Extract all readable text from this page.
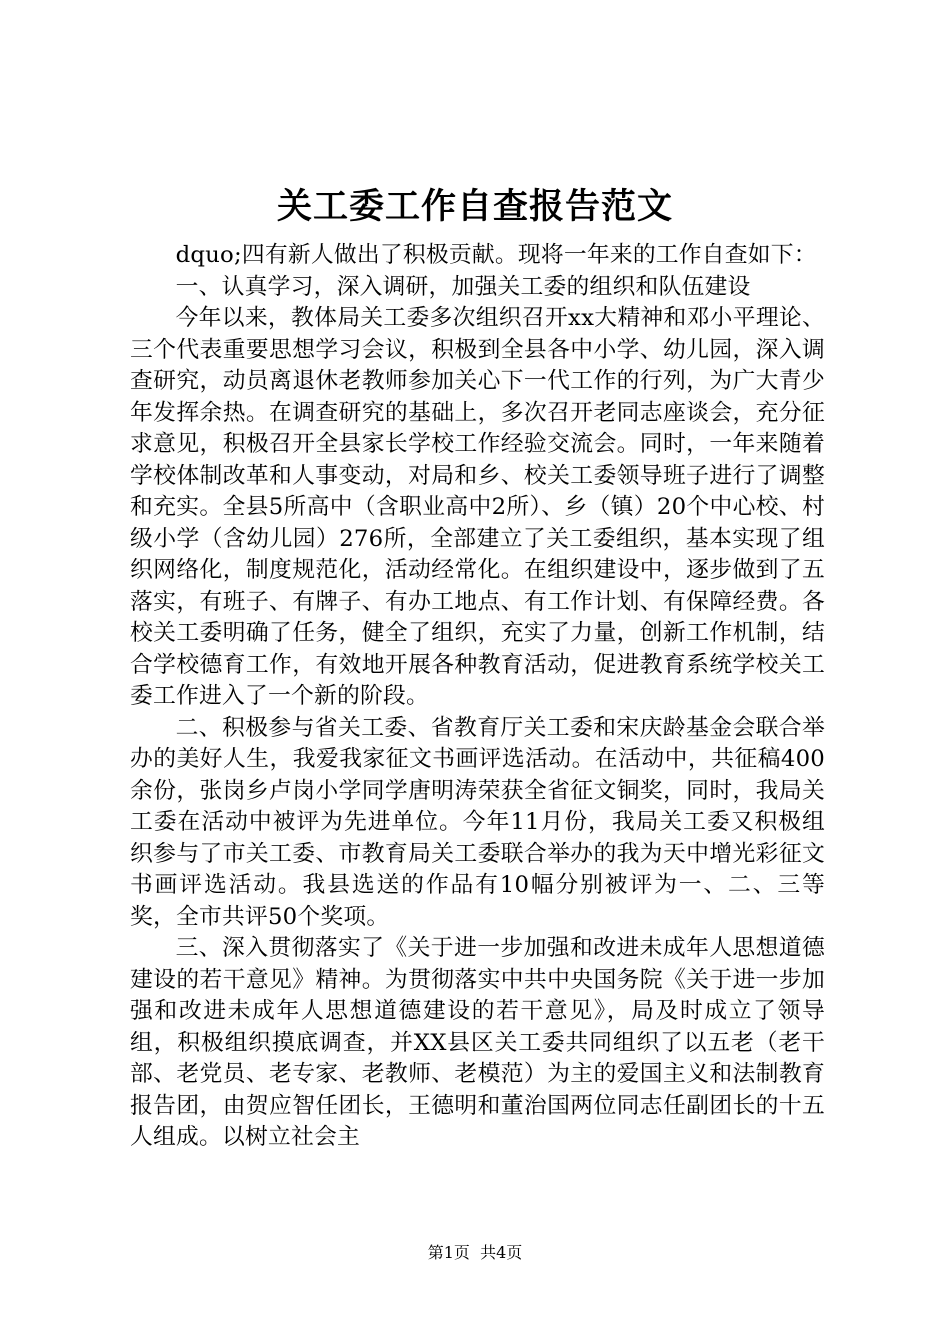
关工委工作自查报告范文

dquo;四有新人做出了积极贡献。现将一年来的工作自查如下：

一、认真学习，深入调研，加强关工委的组织和队伍建设

今年以来，教体局关工委多次组织召开xx大精神和邓小平理论、三个代表重要思想学习会议，积极到全县各中小学、幼儿园，深入调查研究，动员离退休老教师参加关心下一代工作的行列，为广大青少年发挥余热。在调查研究的基础上，多次召开老同志座谈会，充分征求意见，积极召开全县家长学校工作经验交流会。同时，一年来随着学校体制改革和人事变动，对局和乡、校关工委领导班子进行了调整和充实。全县5所高中（含职业高中2所）、乡（镇）20个中心校、村级小学（含幼儿园）276所，全部建立了关工委组织，基本实现了组织网络化，制度规范化，活动经常化。在组织建设中，逐步做到了五落实，有班子、有牌子、有办工地点、有工作计划、有保障经费。各校关工委明确了任务，健全了组织，充实了力量，创新工作机制，结合学校德育工作，有效地开展各种教育活动，促进教育系统学校关工委工作进入了一个新的阶段。

二、积极参与省关工委、省教育厅关工委和宋庆龄基金会联合举办的美好人生，我爱我家征文书画评选活动。在活动中，共征稿400余份，张岗乡卢岗小学同学唐明涛荣获全省征文铜奖，同时，我局关工委在活动中被评为先进单位。今年11月份，我局关工委又积极组织参与了市关工委、市教育局关工委联合举办的我为天中增光彩征文书画评选活动。我县选送的作品有10幅分别被评为一、二、三等奖，全市共评50个奖项。

三、深入贯彻落实了《关于进一步加强和改进未成年人思想道德建设的若干意见》精神。为贯彻落实中共中央国务院《关于进一步加强和改进未成年人思想道德建设的若干意见》，局及时成立了领导组，积极组织摸底调查，并XX县区关工委共同组织了以五老（老干部、老党员、老专家、老教师、老模范）为主的爱国主义和法制教育报告团，由贺应智任团长，王德明和董治国两位同志任副团长的十五人组成。以树立社会主

第1页  共4页
